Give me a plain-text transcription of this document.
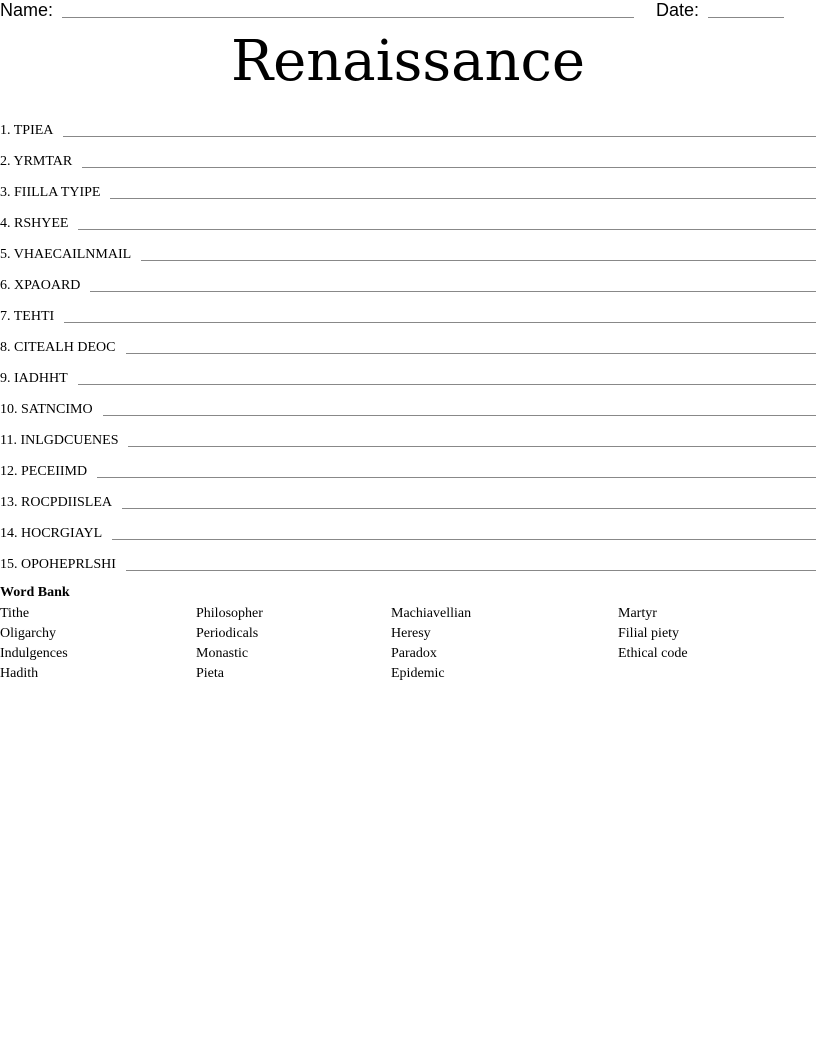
Name:	Date:
Renaissance
1 . TPIEA
2 . YRMTAR
3 . FIILLA TYIPE
4 . RSHYEE
5 . VHAECAILNMAIL
6 . XPAOARD
7 . TEHTI
8 . CITEALH DEOC
9 . IADHHT
10 . SATNCIMO
11 . INLGDCUENES
12 . PECEIIMD
13 . ROCPDIISLEA
14 . HOCRGIAYL
15 . OPOHEPRLSHI
Word Bank
Tithe
Oligarchy
Indulgences
Hadith
Philosopher
Periodicals
Monastic
Pieta
Machiavellian
Heresy
Paradox
Epidemic
Martyr
Filial piety
Ethical code
